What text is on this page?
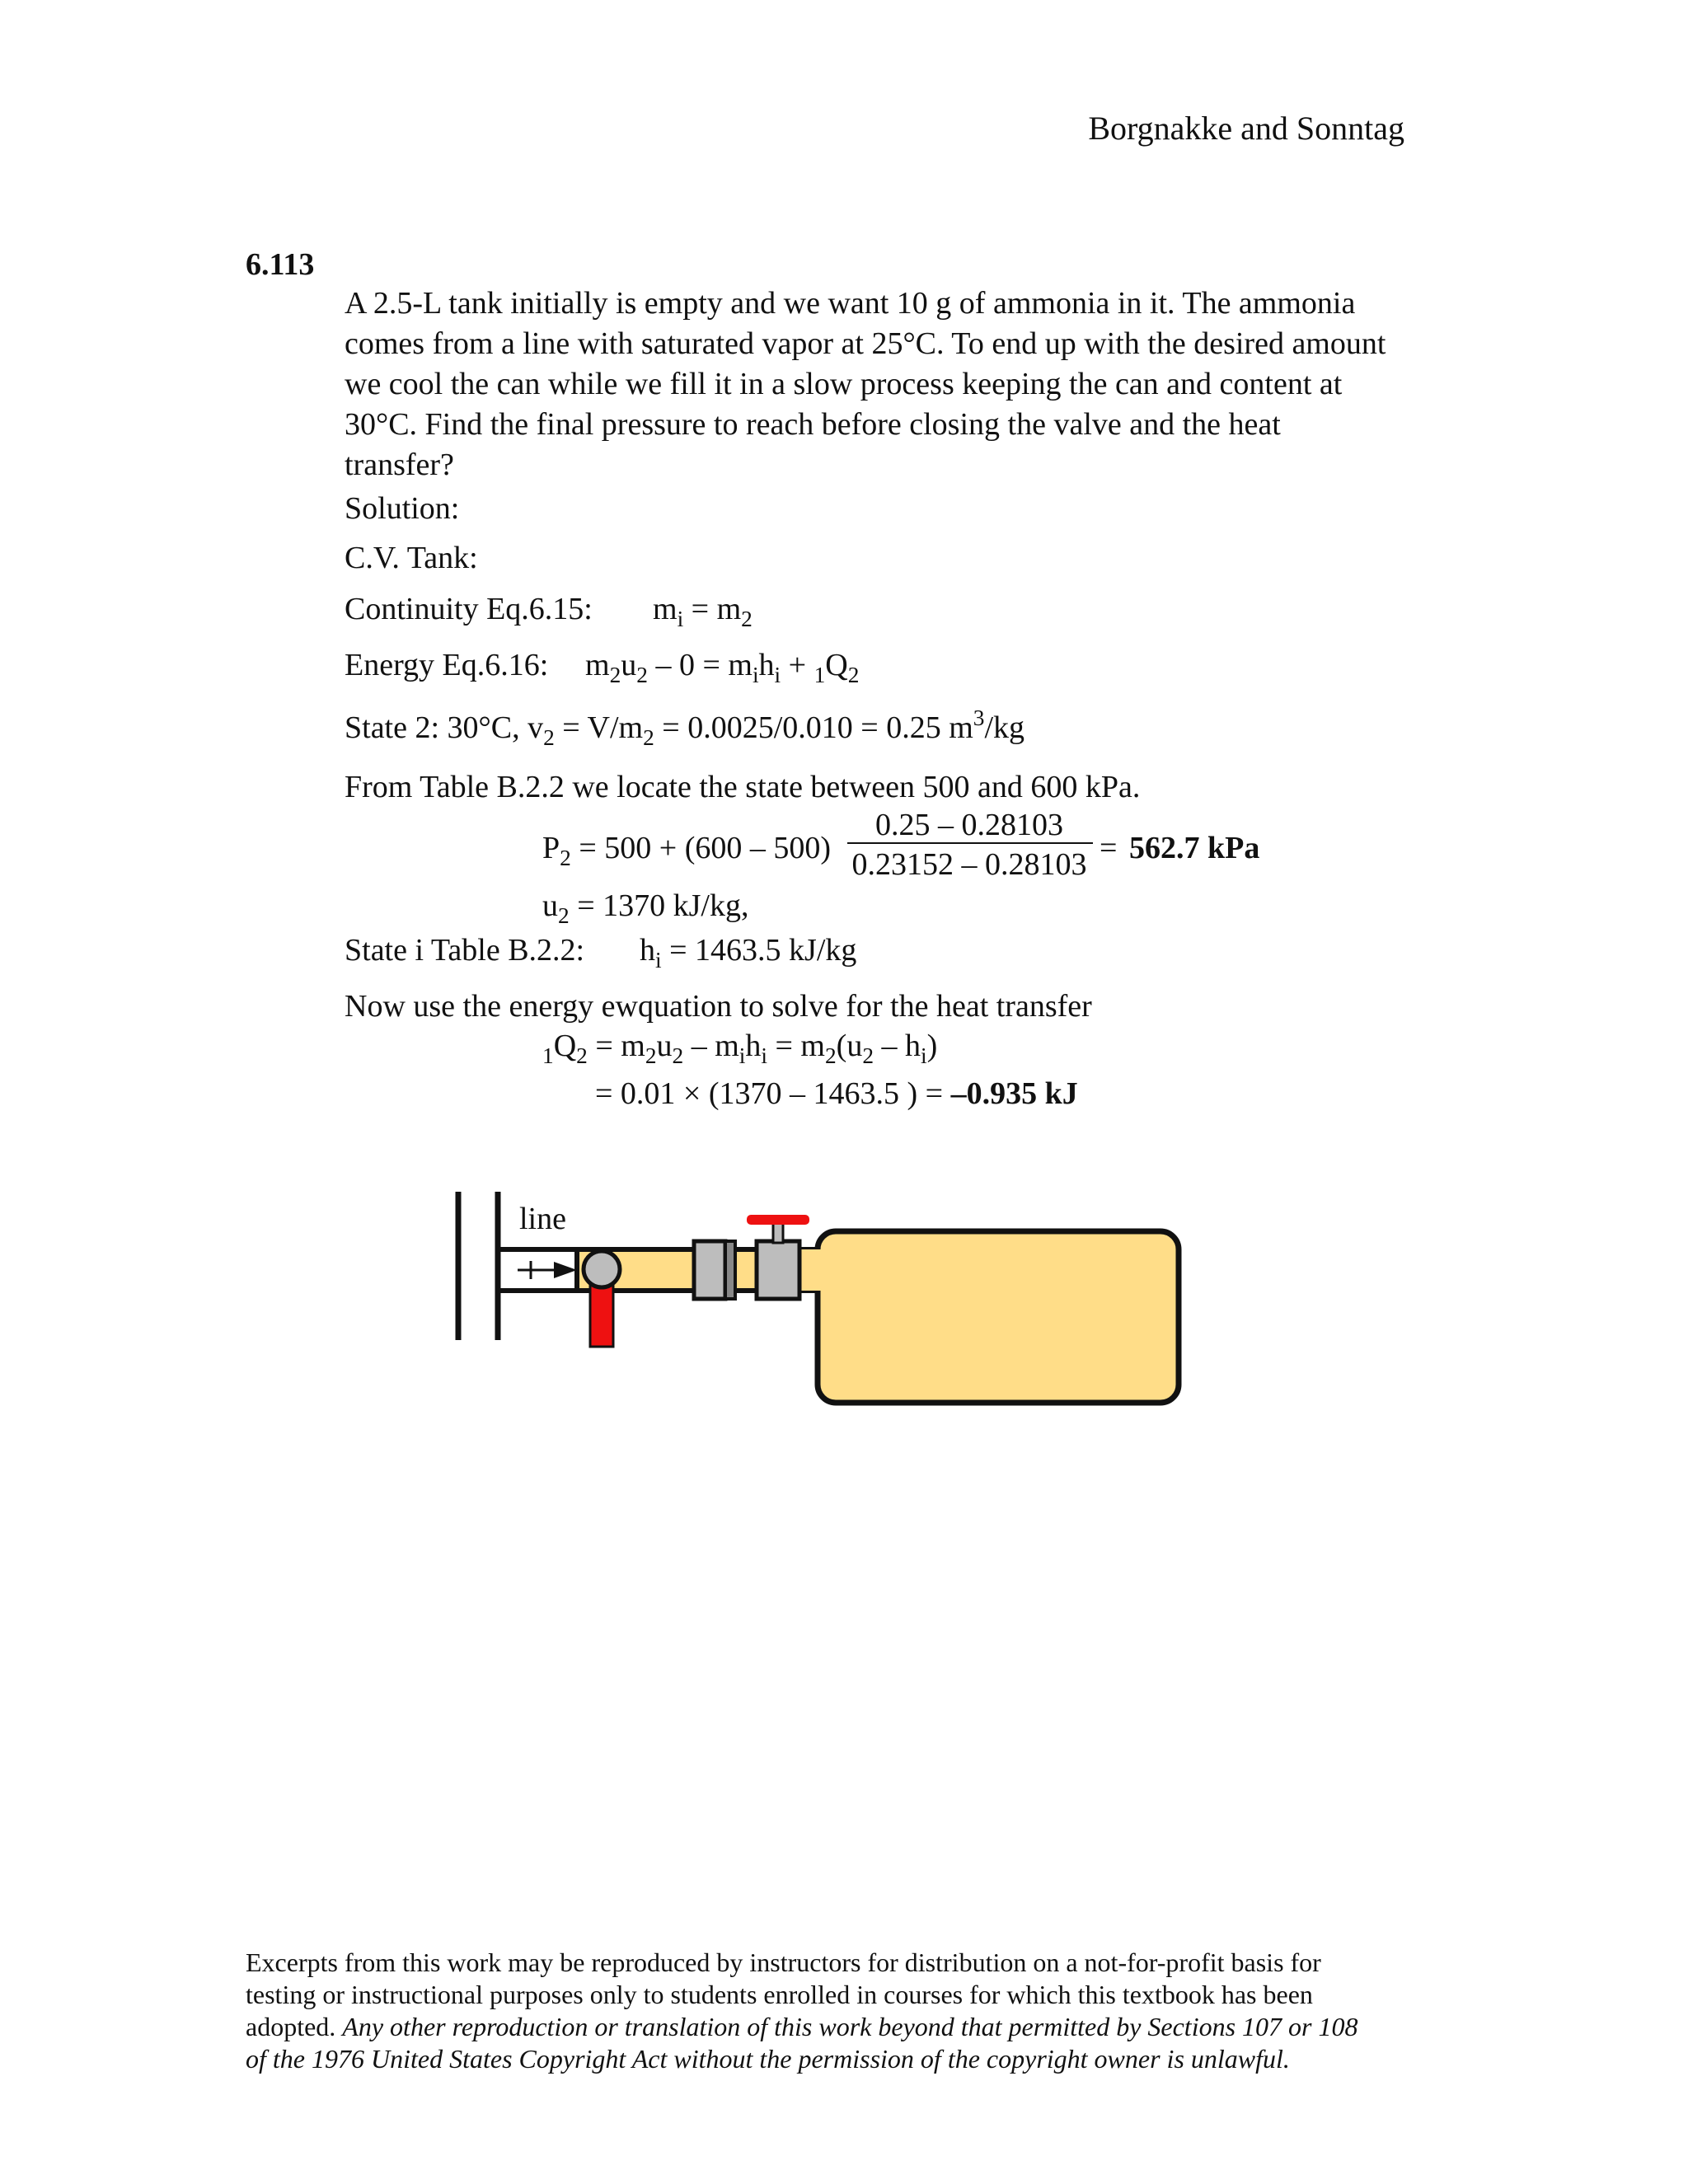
Borgnakke and Sonntag
6.113
A 2.5-L tank initially is empty and we want 10 g of ammonia in it. The ammonia
comes from a line with saturated vapor at 25°C. To end up with the desired amount
we cool the can while we fill it in a slow process keeping the can and content at
30°C. Find the final pressure to reach before closing the valve and the heat
transfer?
Solution:
C.V. Tank:
Continuity Eq.6.15: $m_i = m_2$
Energy Eq.6.16: $m_2u_2 - 0 = m_ih_i + _1Q_2$
State 2: 30°C, $v_2 = V/m_2 = 0.0025/0.010 = 0.25$ $m^3/kg$
From Table B.2.2 we locate the state between 500 and 600 kPa.
$P_2 = 500 + (600 - 500)$
0.25 – 0.28103
0.23152 – 0.28103 = 562.7 kPa
$u_2 = 1370$ kJ/kg,
State i Table B.2.2: $h_i = 1463.5$ kJ/kg
Now use the energy ewquation to solve for the heat transfer
$_1Q_2 = m_2u_2 - m_ih_i = m_2(u_2 - h_i)$
= 0.01 × (1370 – 1463.5 ) = –0.935 kJ
line
Excerpts from this work may be reproduced by instructors for distribution on a not-for-profit basis for
testing or instructional purposes only to students enrolled in courses for which this textbook has been
adopted. Any other reproduction or translation of this work beyond that permitted by Sections 107 or 108
of the 1976 United States Copyright Act without the permission of the copyright owner is unlawful.
